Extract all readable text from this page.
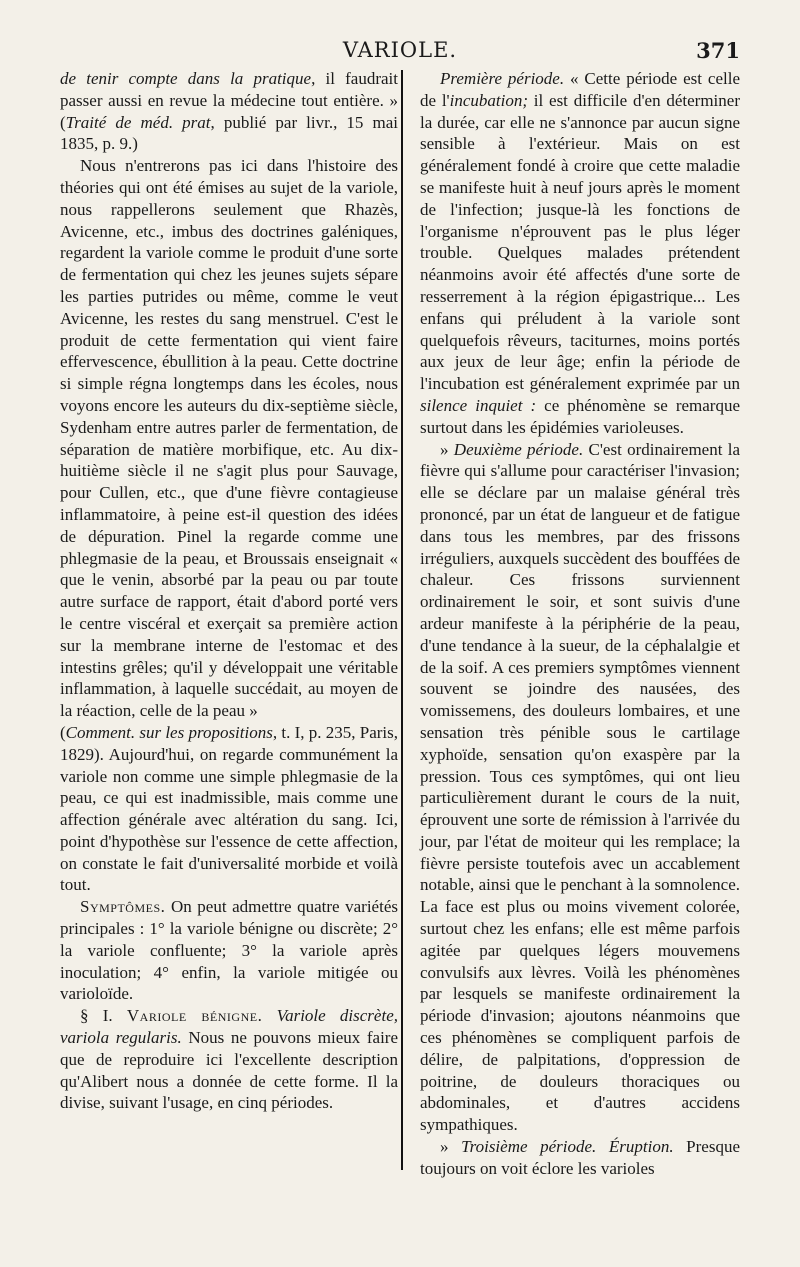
VARIOLE.	371

de tenir compte dans la pratique, il faudrait passer aussi en revue la médecine tout entière. » (Traité de méd. prat, publié par livr., 15 mai 1835, p. 9.)

Nous n'entrerons pas ici dans l'histoire des théories qui ont été émises au sujet de la variole, nous rappellerons seulement que Rhazès, Avicenne, etc., imbus des doctrines galéniques, regardent la variole comme le produit d'une sorte de fermentation qui chez les jeunes sujets sépare les parties putrides ou même, comme le veut Avicenne, les restes du sang menstruel. C'est le produit de cette fermentation qui vient faire effervescence, ébullition à la peau. Cette doctrine si simple régna longtemps dans les écoles, nous voyons encore les auteurs du dix-septième siècle, Sydenham entre autres parler de fermentation, de séparation de matière morbifique, etc. Au dix-huitième siècle il ne s'agit plus pour Sauvage, pour Cullen, etc., que d'une fièvre contagieuse inflammatoire, à peine est-il question des idées de dépuration. Pinel la regarde comme une phlegmasie de la peau, et Broussais enseignait « que le venin, absorbé par la peau ou par toute autre surface de rapport, était d'abord porté vers le centre viscéral et exerçait sa première action sur la membrane interne de l'estomac et des intestins grêles; qu'il y développait une véritable inflammation, à laquelle succédait, au moyen de la réaction, celle de la peau »

(Comment. sur les propositions, t. I, p. 235, Paris, 1829). Aujourd'hui, on regarde communément la variole non comme une simple phlegmasie de la peau, ce qui est inadmissible, mais comme une affection générale avec altération du sang. Ici, point d'hypothèse sur l'essence de cette affection, on constate le fait d'universalité morbide et voilà tout.

Symptômes. On peut admettre quatre variétés principales : 1° la variole bénigne ou discrète; 2° la variole confluente; 3° la variole après inoculation; 4° enfin, la variole mitigée ou varioloïde.

§ I. Variole bénigne. Variole discrète, variola regularis. Nous ne pouvons mieux faire que de reproduire ici l'excellente description qu'Alibert nous a donnée de cette forme. Il la divise, suivant l'usage, en cinq périodes.

Première période. « Cette période est celle de l'incubation; il est difficile d'en déterminer la durée, car elle ne s'annonce par aucun signe sensible à l'extérieur. Mais on est généralement fondé à croire que cette maladie se manifeste huit à neuf jours après le moment de l'infection; jusque-là les fonctions de l'organisme n'éprouvent pas le plus léger trouble. Quelques malades prétendent néanmoins avoir été affectés d'une sorte de resserrement à la région épigastrique... Les enfans qui préludent à la variole sont quelquefois rêveurs, taciturnes, moins portés aux jeux de leur âge; enfin la période de l'incubation est généralement exprimée par un silence inquiet : ce phénomène se remarque surtout dans les épidémies varioleuses.

» Deuxième période. C'est ordinairement la fièvre qui s'allume pour caractériser l'invasion; elle se déclare par un malaise général très prononcé, par un état de langueur et de fatigue dans tous les membres, par des frissons irréguliers, auxquels succèdent des bouffées de chaleur. Ces frissons surviennent ordinairement le soir, et sont suivis d'une ardeur manifeste à la périphérie de la peau, d'une tendance à la sueur, de la céphalalgie et de la soif. A ces premiers symptômes viennent souvent se joindre des nausées, des vomissemens, des douleurs lombaires, et une sensation très pénible sous le cartilage xyphoïde, sensation qu'on exaspère par la pression. Tous ces symptômes, qui ont lieu particulièrement durant le cours de la nuit, éprouvent une sorte de rémission à l'arrivée du jour, par l'état de moiteur qui les remplace; la fièvre persiste toutefois avec un accablement notable, ainsi que le penchant à la somnolence. La face est plus ou moins vivement colorée, surtout chez les enfans; elle est même parfois agitée par quelques légers mouvemens convulsifs aux lèvres. Voilà les phénomènes par lesquels se manifeste ordinairement la période d'invasion; ajoutons néanmoins que ces phénomènes se compliquent parfois de délire, de palpitations, d'oppression de poitrine, de douleurs thoraciques ou abdominales, et d'autres accidens sympathiques.

» Troisième période. Éruption. Presque toujours on voit éclore les varioles
